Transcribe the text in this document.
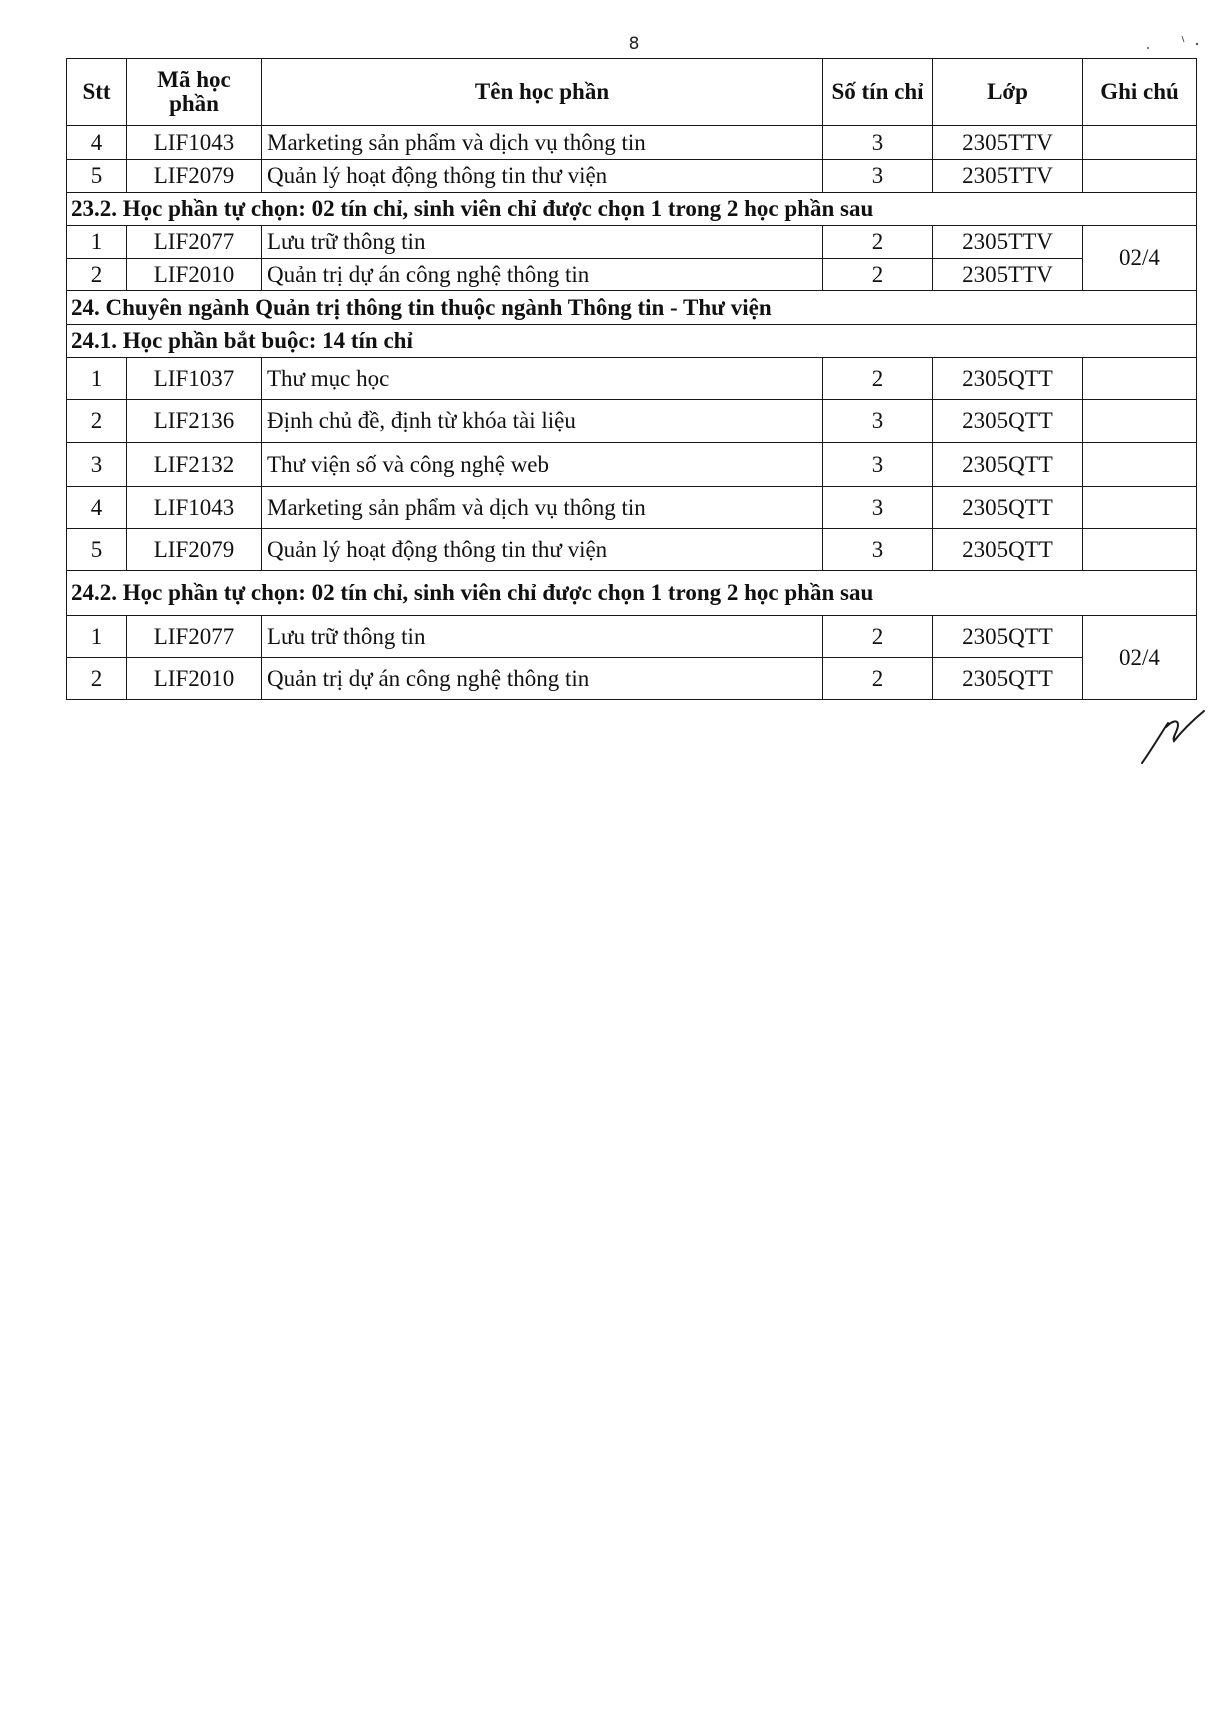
8
Stt	Mã học phần	Tên học phần	Số tín chỉ	Lớp	Ghi chú
4	LIF1043	Marketing sản phẩm và dịch vụ thông tin	3	2305TTV	
5	LIF2079	Quản lý hoạt động thông tin thư viện	3	2305TTV	
23.2. Học phần tự chọn: 02 tín chỉ, sinh viên chỉ được chọn 1 trong 2 học phần sau					
1	LIF2077	Lưu trữ thông tin	2	2305TTV	02/4
2	LIF2010	Quản trị dự án công nghệ thông tin	2	2305TTV	
24. Chuyên ngành Quản trị thông tin thuộc ngành Thông tin - Thư viện					
24.1. Học phần bắt buộc: 14 tín chỉ					
1	LIF1037	Thư mục học	2	2305QTT	
2	LIF2136	Định chủ đề, định từ khóa tài liệu	3	2305QTT	
3	LIF2132	Thư viện số và công nghệ web	3	2305QTT	
4	LIF1043	Marketing sản phẩm và dịch vụ thông tin	3	2305QTT	
5	LIF2079	Quản lý hoạt động thông tin thư viện	3	2305QTT	
24.2. Học phần tự chọn: 02 tín chỉ, sinh viên chỉ được chọn 1 trong 2 học phần sau					
1	LIF2077	Lưu trữ thông tin	2	2305QTT	02/4
2	LIF2010	Quản trị dự án công nghệ thông tin	2	2305QTT	
